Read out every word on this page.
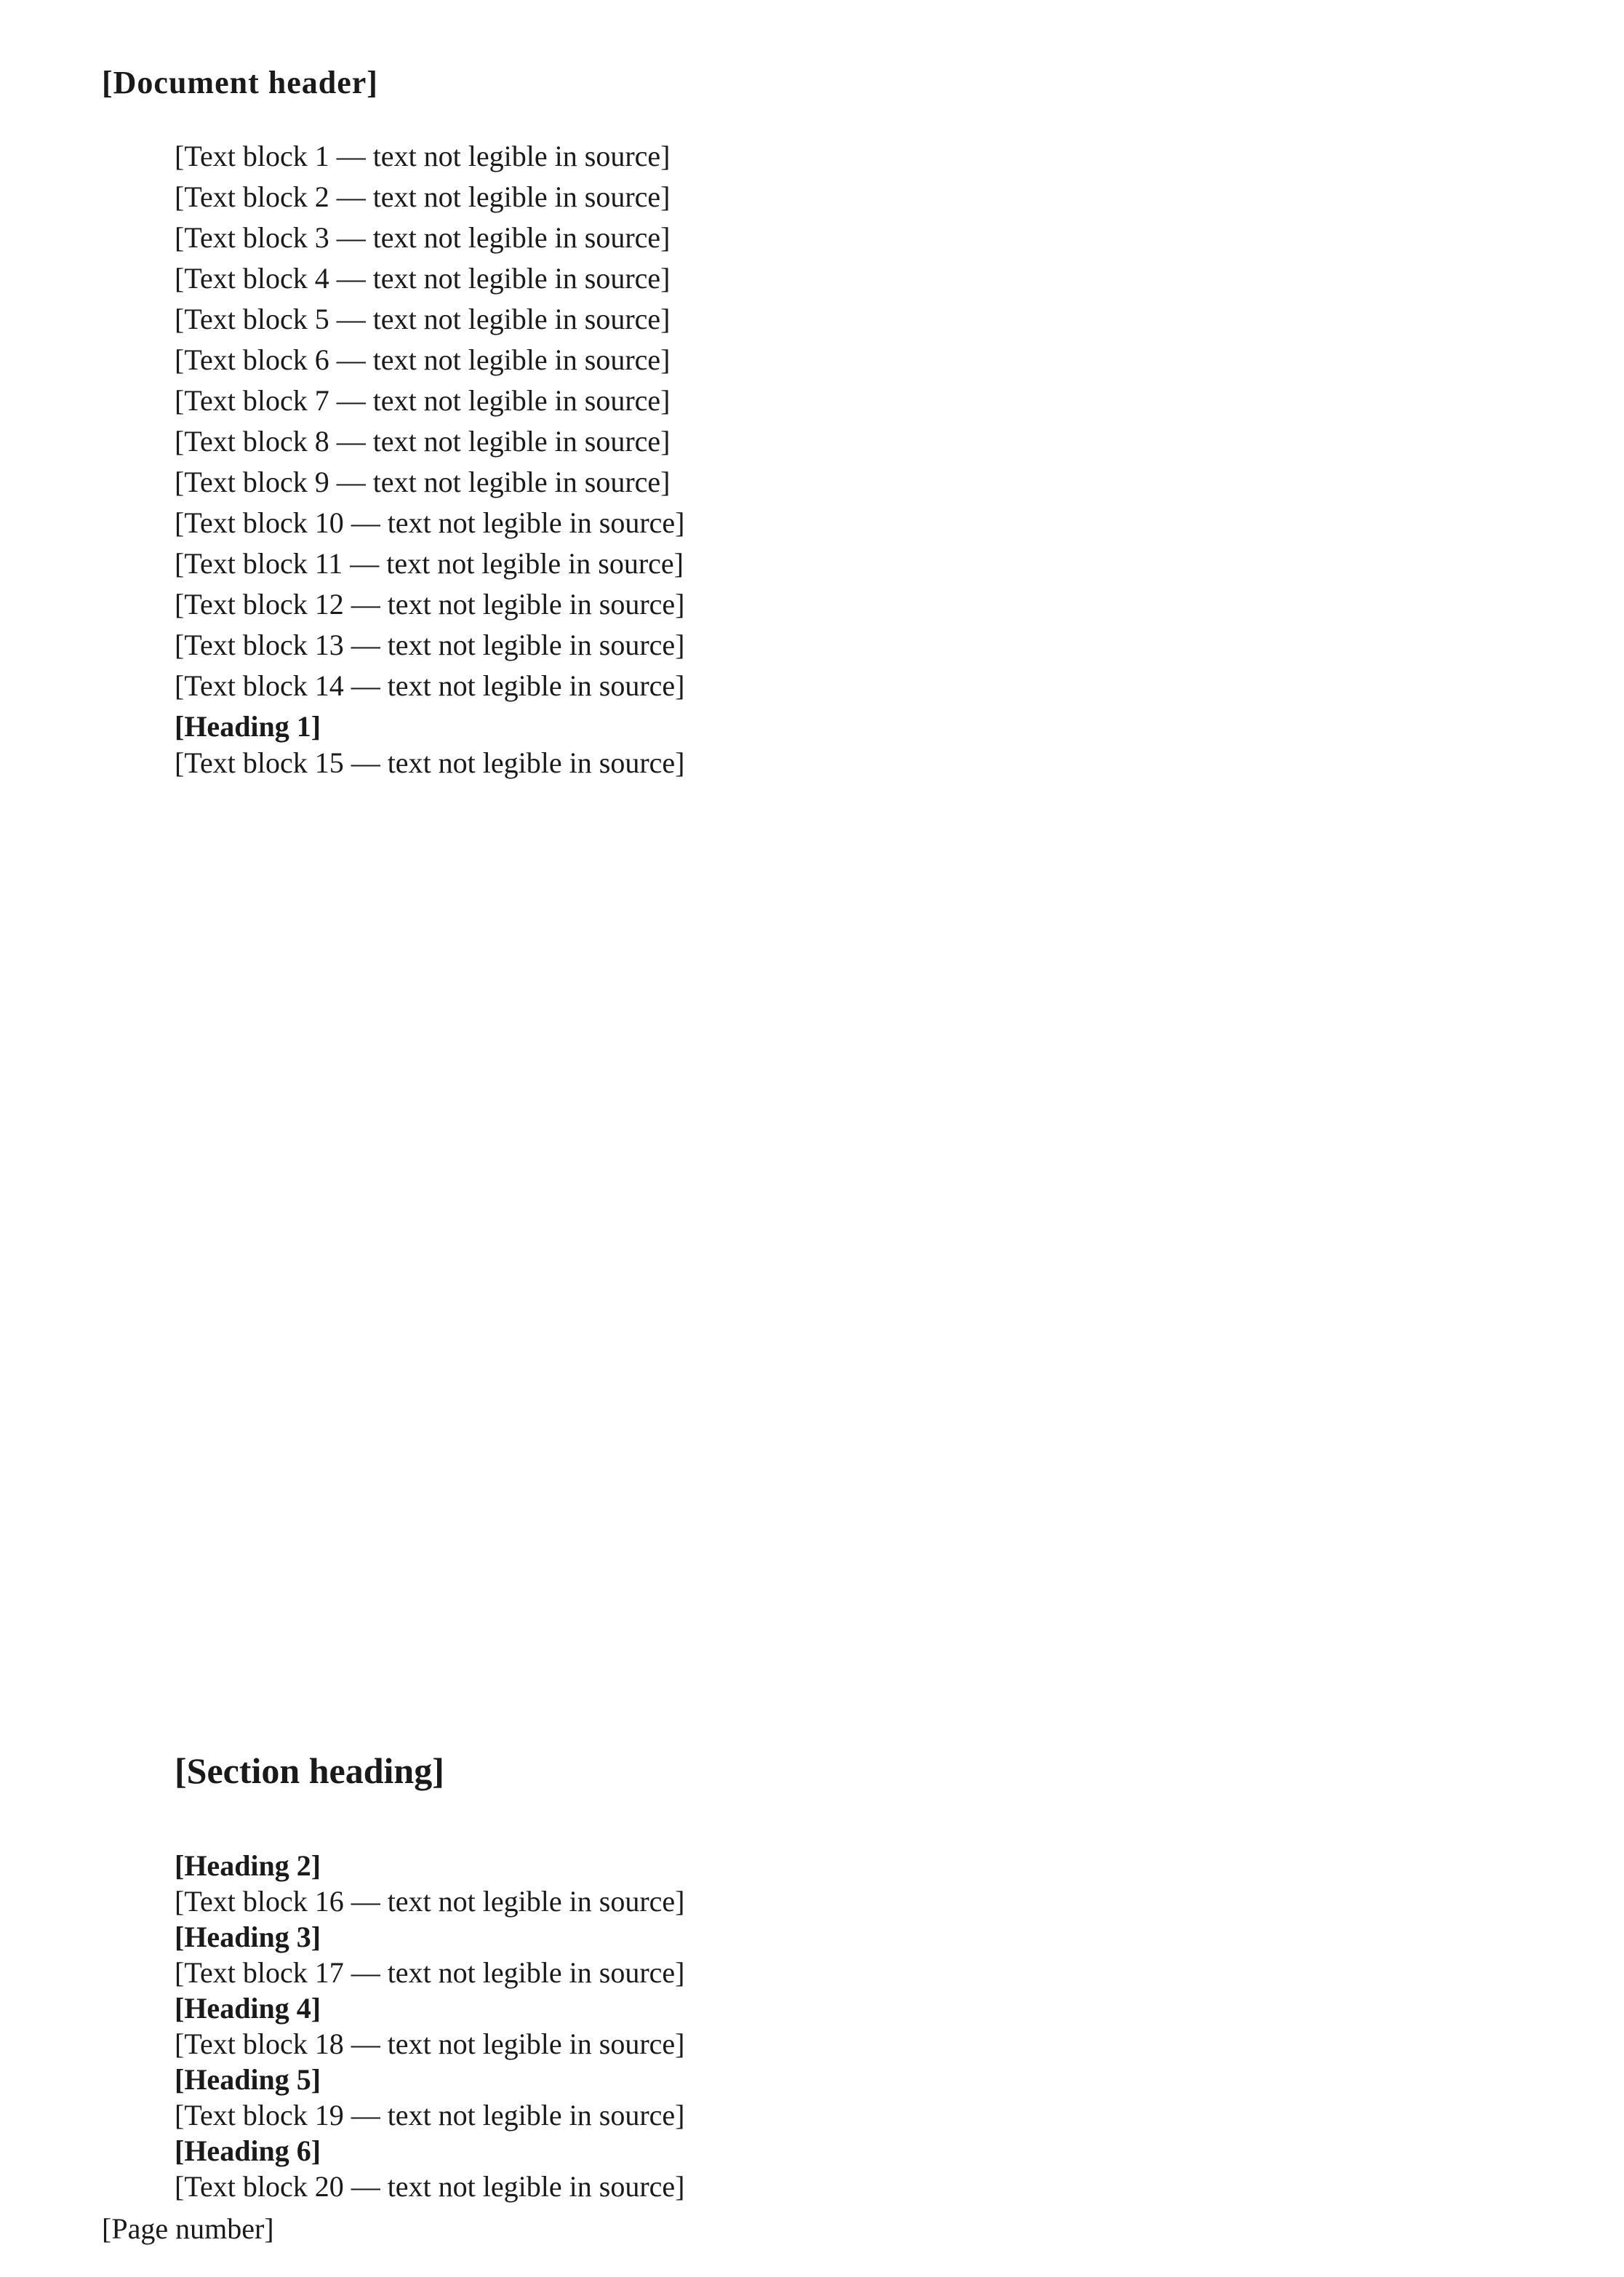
[Document header]

[Text block 1 — text not legible in source]

[Text block 2 — text not legible in source]

[Text block 3 — text not legible in source]

[Text block 4 — text not legible in source]

[Text block 5 — text not legible in source]

[Text block 6 — text not legible in source]

[Text block 7 — text not legible in source]

[Text block 8 — text not legible in source]

[Text block 9 — text not legible in source]

[Text block 10 — text not legible in source]

[Text block 11 — text not legible in source]

[Text block 12 — text not legible in source]

[Text block 13 — text not legible in source]

[Text block 14 — text not legible in source]

[Heading 1]
[Text block 15 — text not legible in source]
[Section heading]
[Heading 2]
[Text block 16 — text not legible in source]
[Heading 3]
[Text block 17 — text not legible in source]
[Heading 4]
[Text block 18 — text not legible in source]
[Heading 5]
[Text block 19 — text not legible in source]
[Heading 6]
[Text block 20 — text not legible in source]
[Page number]
